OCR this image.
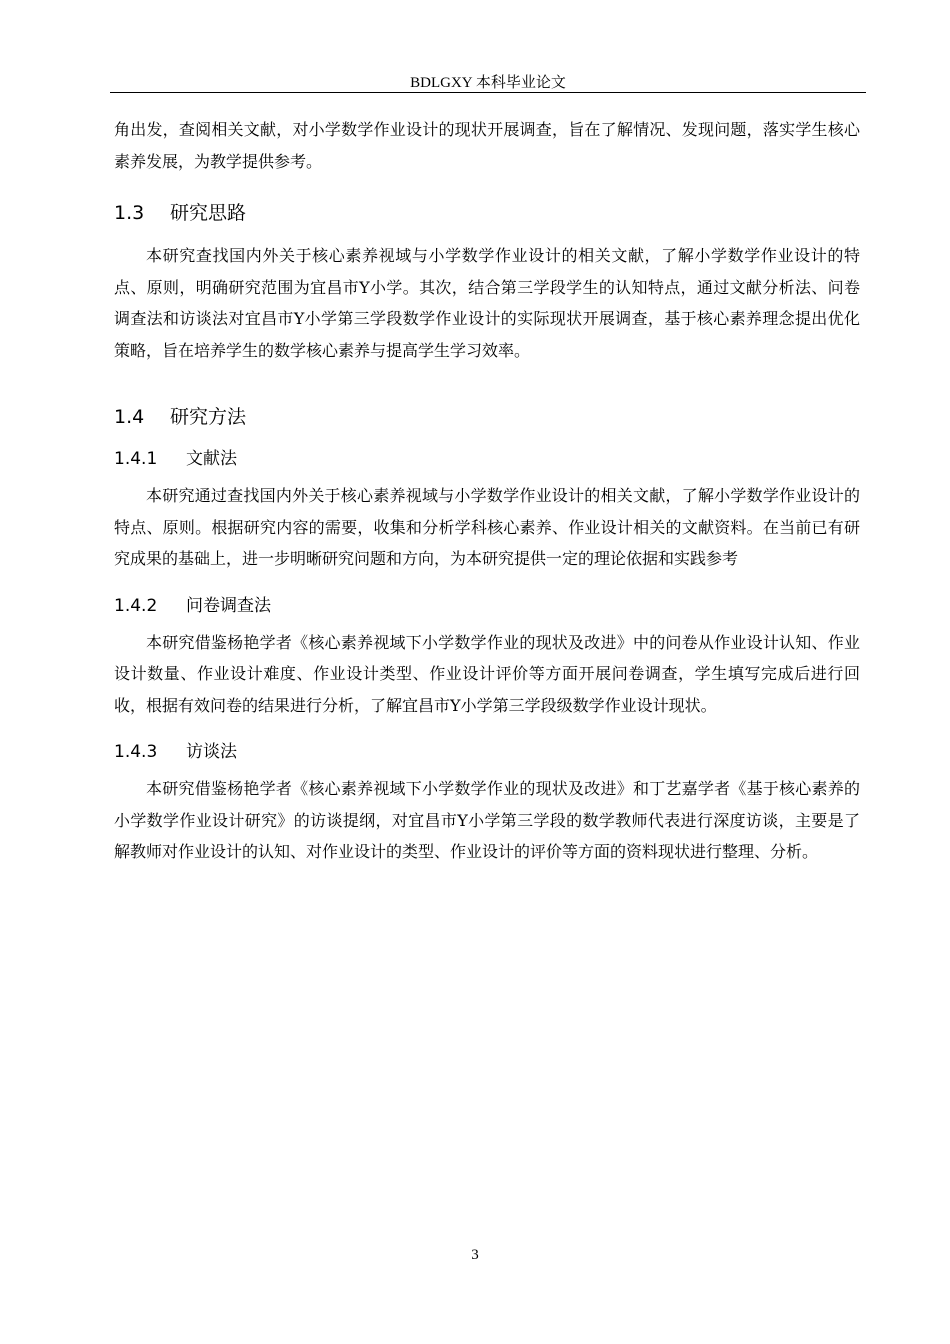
BDLGXY 本科毕业论文

角出发，查阅相关文献，对小学数学作业设计的现状开展调查，旨在了解情况、发现问题，落实学生核心素养发展，为教学提供参考。

1.3 研究思路

本研究查找国内外关于核心素养视域与小学数学作业设计的相关文献，了解小学数学作业设计的特点、原则，明确研究范围为宜昌市Y小学。其次，结合第三学段学生的认知特点，通过文献分析法、问卷调查法和访谈法对宜昌市Y小学第三学段数学作业设计的实际现状开展调查，基于核心素养理念提出优化策略，旨在培养学生的数学核心素养与提高学生学习效率。

1.4 研究方法
1.4.1 文献法

本研究通过查找国内外关于核心素养视域与小学数学作业设计的相关文献，了解小学数学作业设计的特点、原则。根据研究内容的需要，收集和分析学科核心素养、作业设计相关的文献资料。在当前已有研究成果的基础上，进一步明晰研究问题和方向，为本研究提供一定的理论依据和实践参考

1.4.2 问卷调查法

本研究借鉴杨艳学者《核心素养视域下小学数学作业的现状及改进》中的问卷从作业设计认知、作业设计数量、作业设计难度、作业设计类型、作业设计评价等方面开展问卷调查，学生填写完成后进行回收，根据有效问卷的结果进行分析，了解宜昌市Y小学第三学段级数学作业设计现状。

1.4.3 访谈法

本研究借鉴杨艳学者《核心素养视域下小学数学作业的现状及改进》和丁艺嘉学者《基于核心素养的小学数学作业设计研究》的访谈提纲，对宜昌市Y小学第三学段的数学教师代表进行深度访谈，主要是了解教师对作业设计的认知、对作业设计的类型、作业设计的评价等方面的资料现状进行整理、分析。

3
